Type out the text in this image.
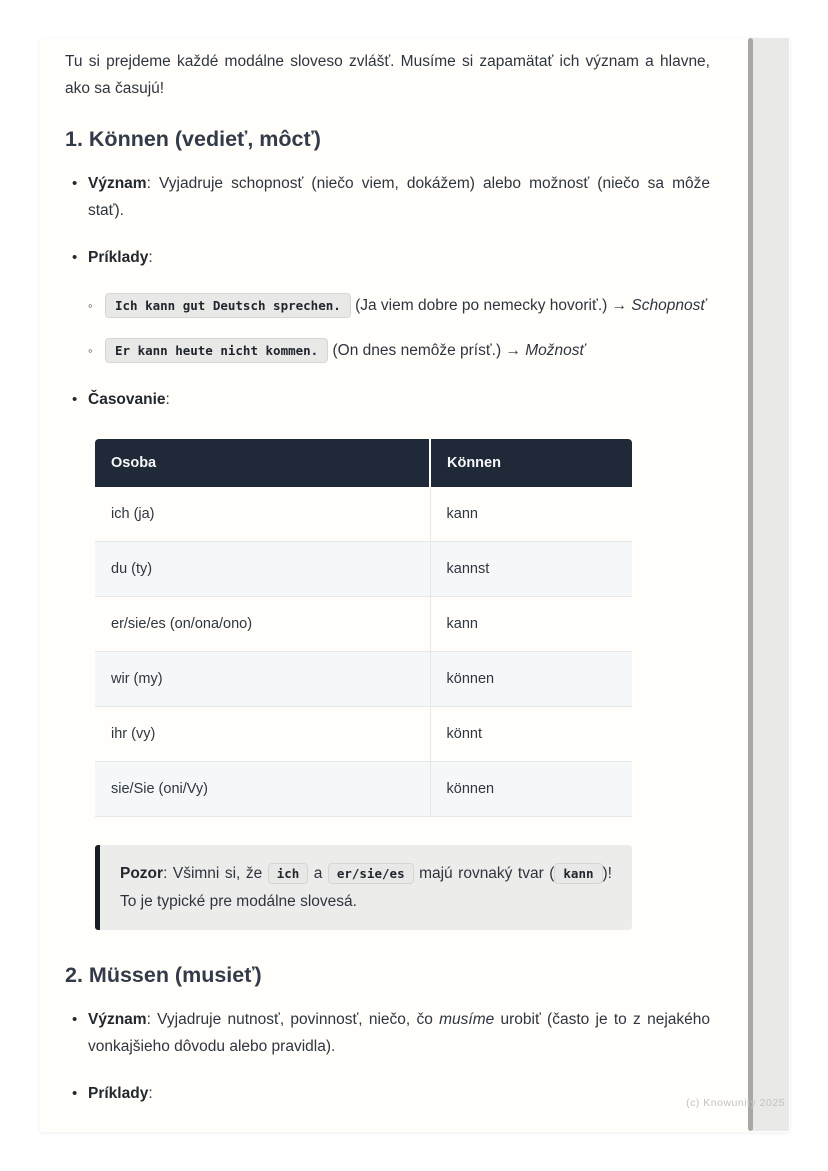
Tu si prejdeme každé modálne sloveso zvlášť. Musíme si zapamätať ich význam a hlavne, ako sa časujú!

1. Können (vedieť, môcť)
• Význam: Vyjadruje schopnosť (niečo viem, dokážem) alebo možnosť (niečo sa môže stať).
• Príklady:
◦	Ich kann gut Deutsch sprechen. (Ja viem dobre po nemecky hovoriť.) → Schopnosť
◦	Er kann heute nicht kommen. (On dnes nemôže prísť.) → Možnosť
• Časovanie:
Osoba	Können
ich (ja)	kann
du (ty)	kannst
er/sie/es (on/ona/ono)	kann
wir (my)	können
ihr (vy)	könnt
sie/Sie (oni/Vy)	können
Pozor: Všimni si, že ich a er/sie/es majú rovnaký tvar ( kann )! To je typické pre modálne slovesá.
2. Müssen (musieť)
• Význam: Vyjadruje nutnosť, povinnosť, niečo, čo musíme urobiť (často je to z nejakého vonkajšieho dôvodu alebo pravidla).
• Príklady:
(c) Knowunity 2025
